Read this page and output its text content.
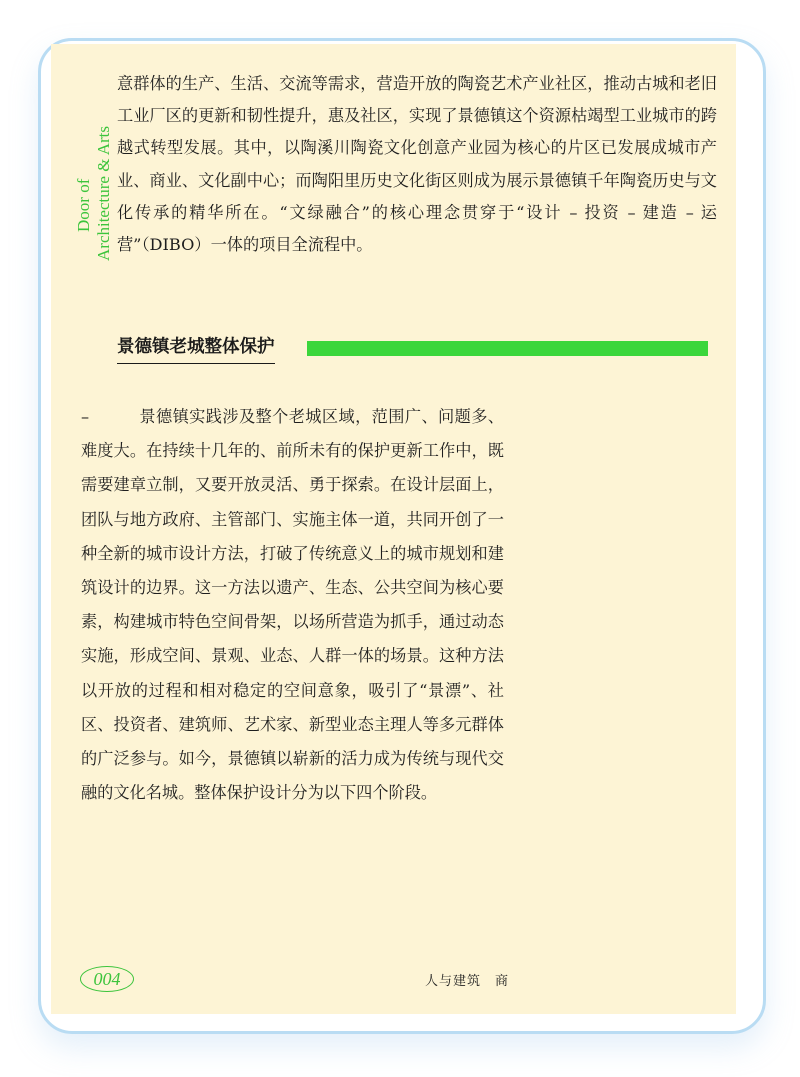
Door of Architecture & Arts

意群体的生产、生活、交流等需求，营造开放的陶瓷艺术产业社区，推动古城和老旧工业厂区的更新和韧性提升，惠及社区，实现了景德镇这个资源枯竭型工业城市的跨越式转型发展。其中，以陶溪川陶瓷文化创意产业园为核心的片区已发展成城市产业、商业、文化副中心；而陶阳里历史文化街区则成为展示景德镇千年陶瓷历史与文化传承的精华所在。“文绿融合”的核心理念贯穿于“设计 – 投资 – 建造 – 运营”（DIBO）一体的项目全流程中。

景德镇老城整体保护

–	景德镇实践涉及整个老城区域，范围广、问题多、难度大。在持续十几年的、前所未有的保护更新工作中，既需要建章立制，又要开放灵活、勇于探索。在设计层面上，团队与地方政府、主管部门、实施主体一道，共同开创了一种全新的城市设计方法，打破了传统意义上的城市规划和建筑设计的边界。这一方法以遗产、生态、公共空间为核心要素，构建城市特色空间骨架，以场所营造为抓手，通过动态实施，形成空间、景观、业态、人群一体的场景。这种方法以开放的过程和相对稳定的空间意象，吸引了“景漂”、社区、投资者、建筑师、艺术家、新型业态主理人等多元群体的广泛参与。如今，景德镇以崭新的活力成为传统与现代交融的文化名城。整体保护设计分为以下四个阶段。

004	人与建筑　商
